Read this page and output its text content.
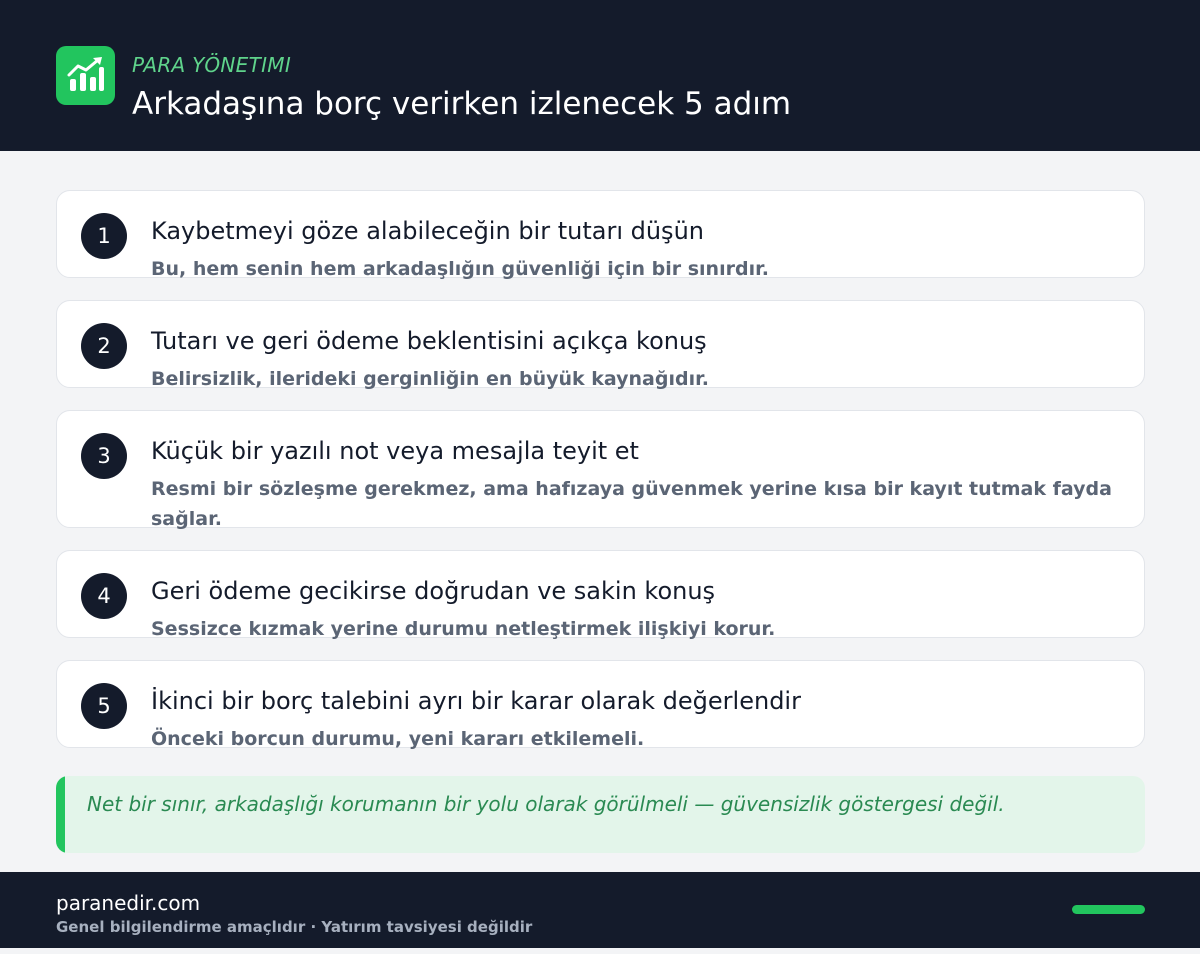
PARA YÖNETIMI
Arkadaşına borç verirken izlenecek 5 adım
1	Kaybetmeyi göze alabileceğin bir tutarı düşün
Bu, hem senin hem arkadaşlığın güvenliği için bir sınırdır.
2	Tutarı ve geri ödeme beklentisini açıkça konuş
Belirsizlik, ilerideki gerginliğin en büyük kaynağıdır.
3	Küçük bir yazılı not veya mesajla teyit et
Resmi bir sözleşme gerekmez, ama hafızaya güvenmek yerine kısa bir kayıt tutmak fayda sağlar.
4	Geri ödeme gecikirse doğrudan ve sakin konuş
Sessizce kızmak yerine durumu netleştirmek ilişkiyi korur.
5	İkinci bir borç talebini ayrı bir karar olarak değerlendir
Önceki borcun durumu, yeni kararı etkilemeli.
Net bir sınır, arkadaşlığı korumanın bir yolu olarak görülmeli — güvensizlik göstergesi değil.
paranedir.com
Genel bilgilendirme amaçlıdır · Yatırım tavsiyesi değildir
